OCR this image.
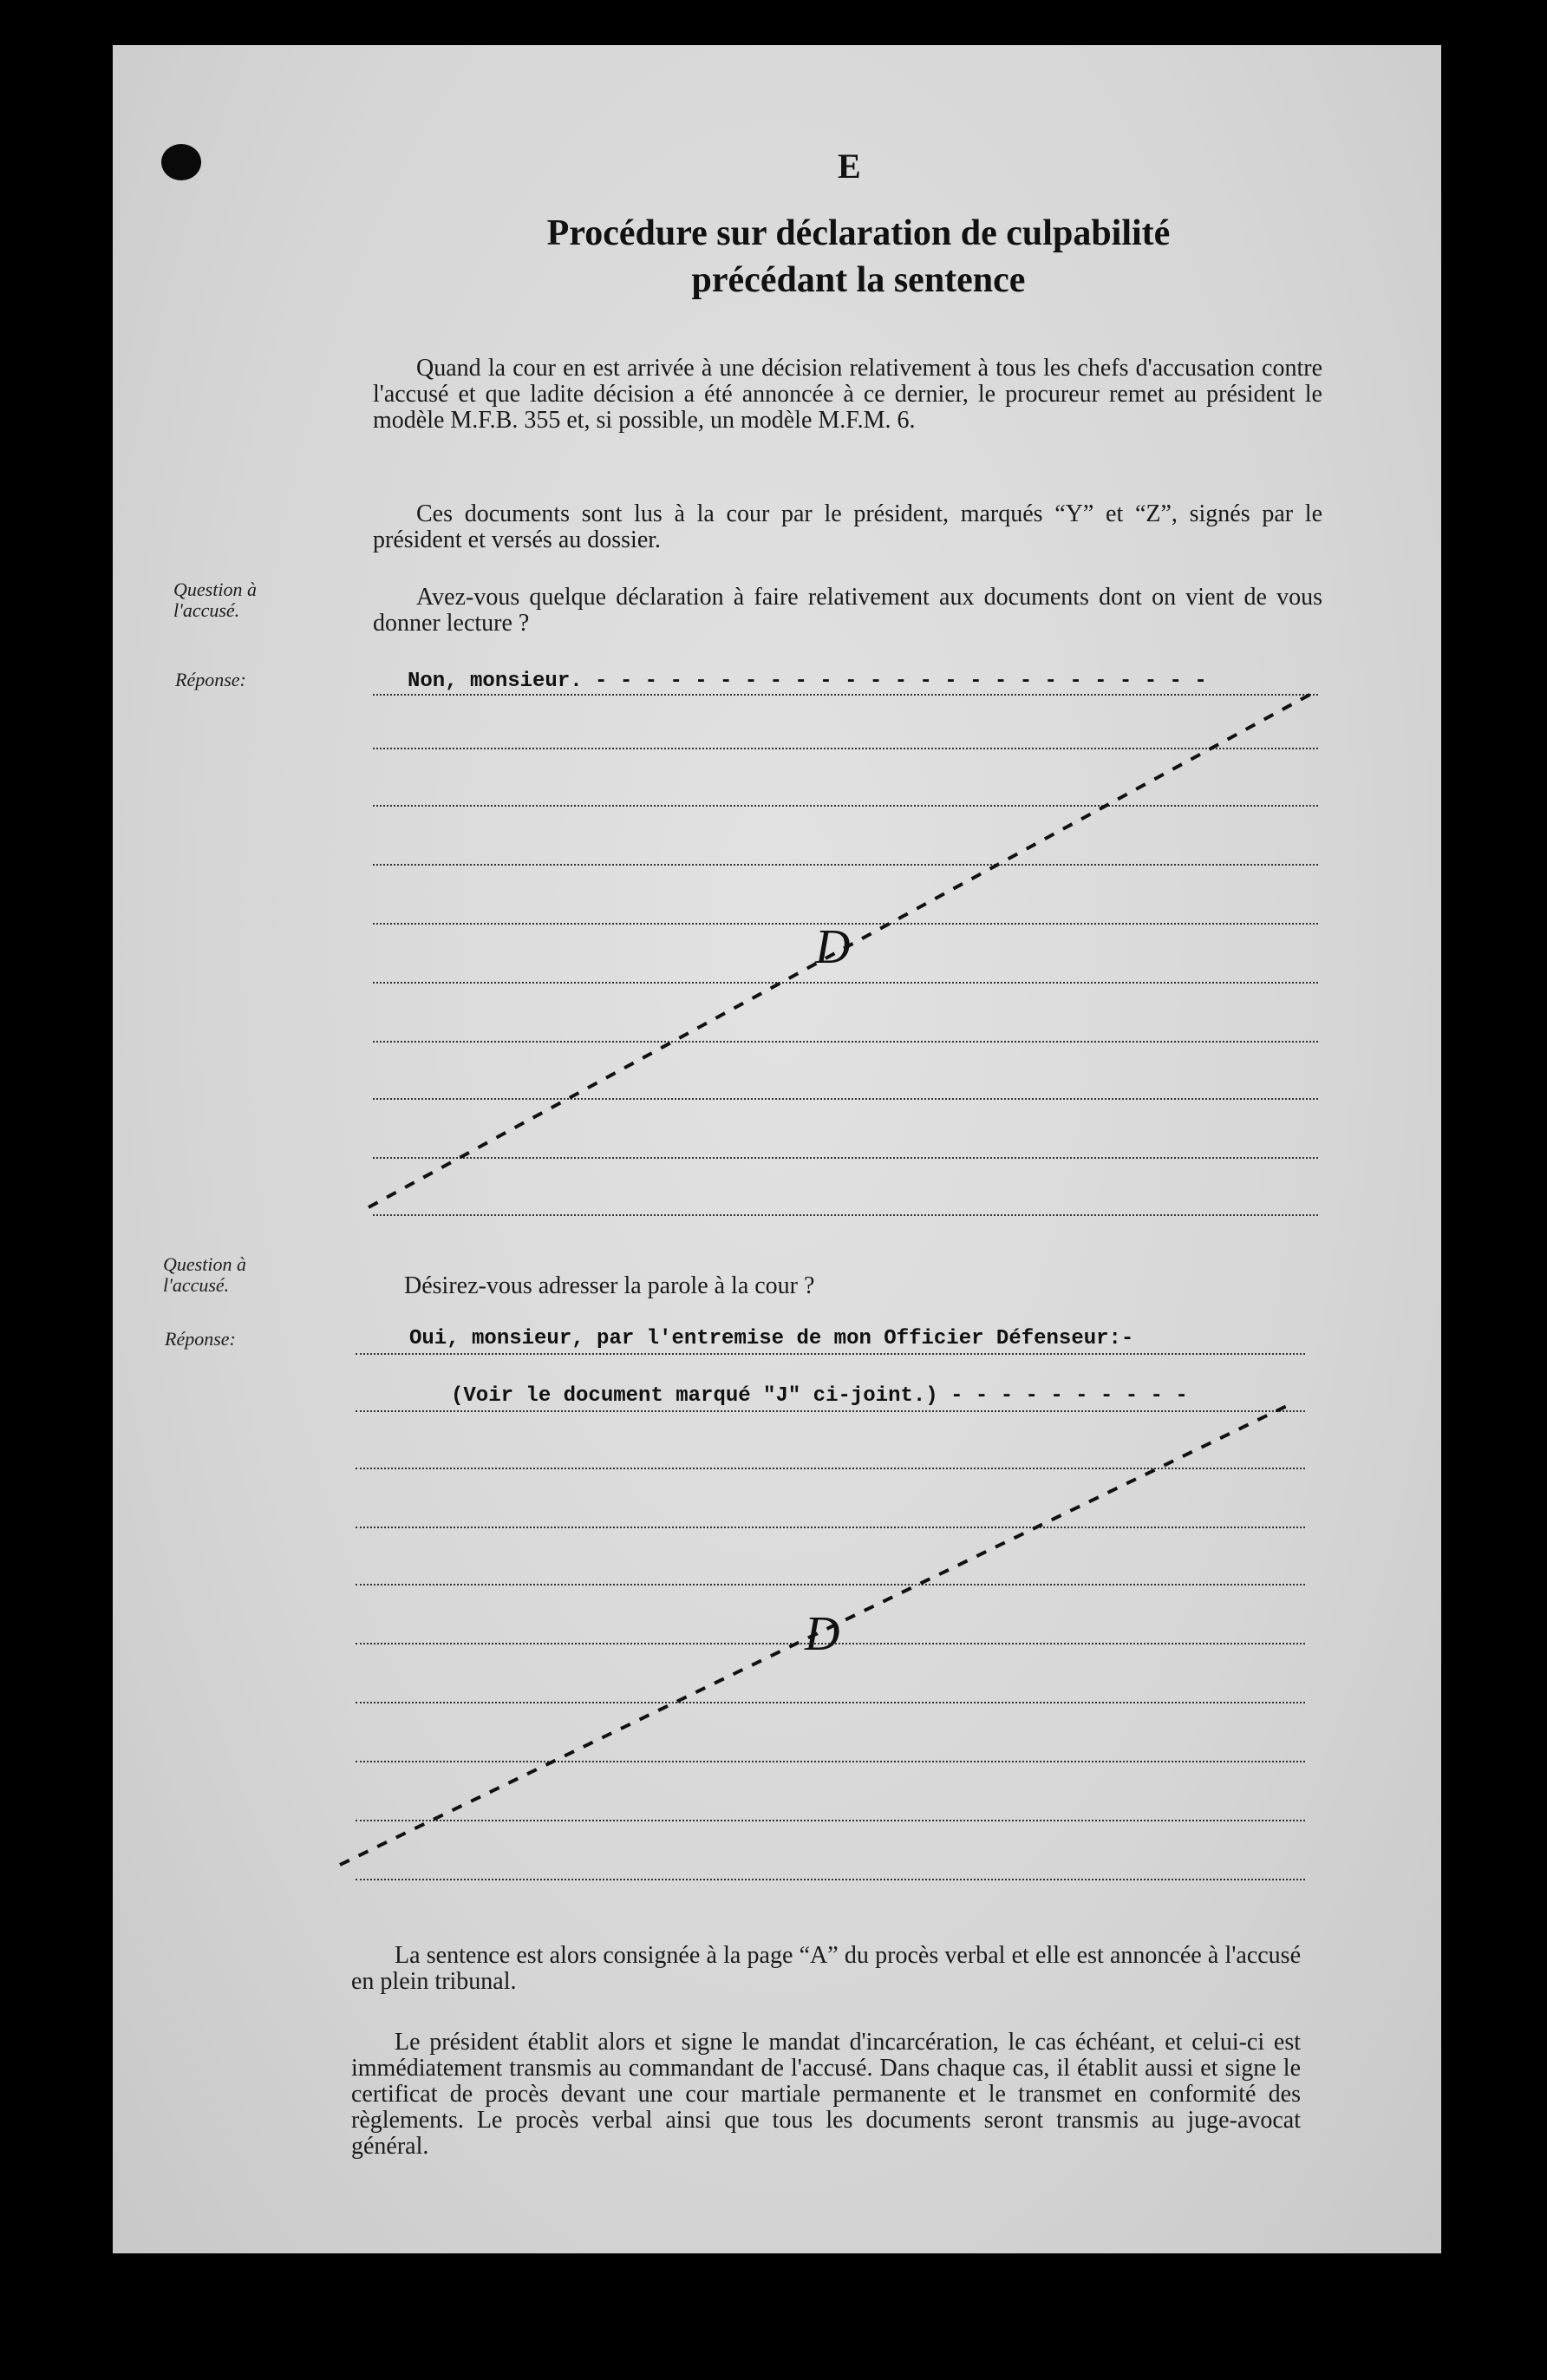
E
Procédure sur déclaration de culpabilité
précédant la sentence
Quand la cour en est arrivée à une décision relativement à tous les chefs d'accusation contre l'accusé et que ladite décision a été annoncée à ce dernier, le procureur remet au président le modèle M.F.B. 355 et, si possible, un modèle M.F.M. 6.
Ces documents sont lus à la cour par le président, marqués “Y” et “Z”, signés par le président et versés au dossier.
Question à
l'accusé.	Avez-vous quelque déclaration à faire relativement aux documents dont on vient de vous donner lecture ?
Réponse:	Non, monsieur. - - - - - - - - - - - - - - - - - - - - - - - - -
Question à
l'accusé.	Désirez-vous adresser la parole à la cour ?
Réponse:	Oui, monsieur, par l'entremise de mon Officier Défenseur:-
(Voir le document marqué "J" ci-joint.) - - - - - - - - - -
La sentence est alors consignée à la page “A” du procès verbal et elle est annoncée à l'accusé en plein tribunal.
Le président établit alors et signe le mandat d'incarcération, le cas échéant, et celui-ci est immédiatement transmis au commandant de l'accusé. Dans chaque cas, il établit aussi et signe le certificat de procès devant une cour martiale permanente et le transmet en conformité des règlements. Le procès verbal ainsi que tous les documents seront transmis au juge-avocat général.
D
D
